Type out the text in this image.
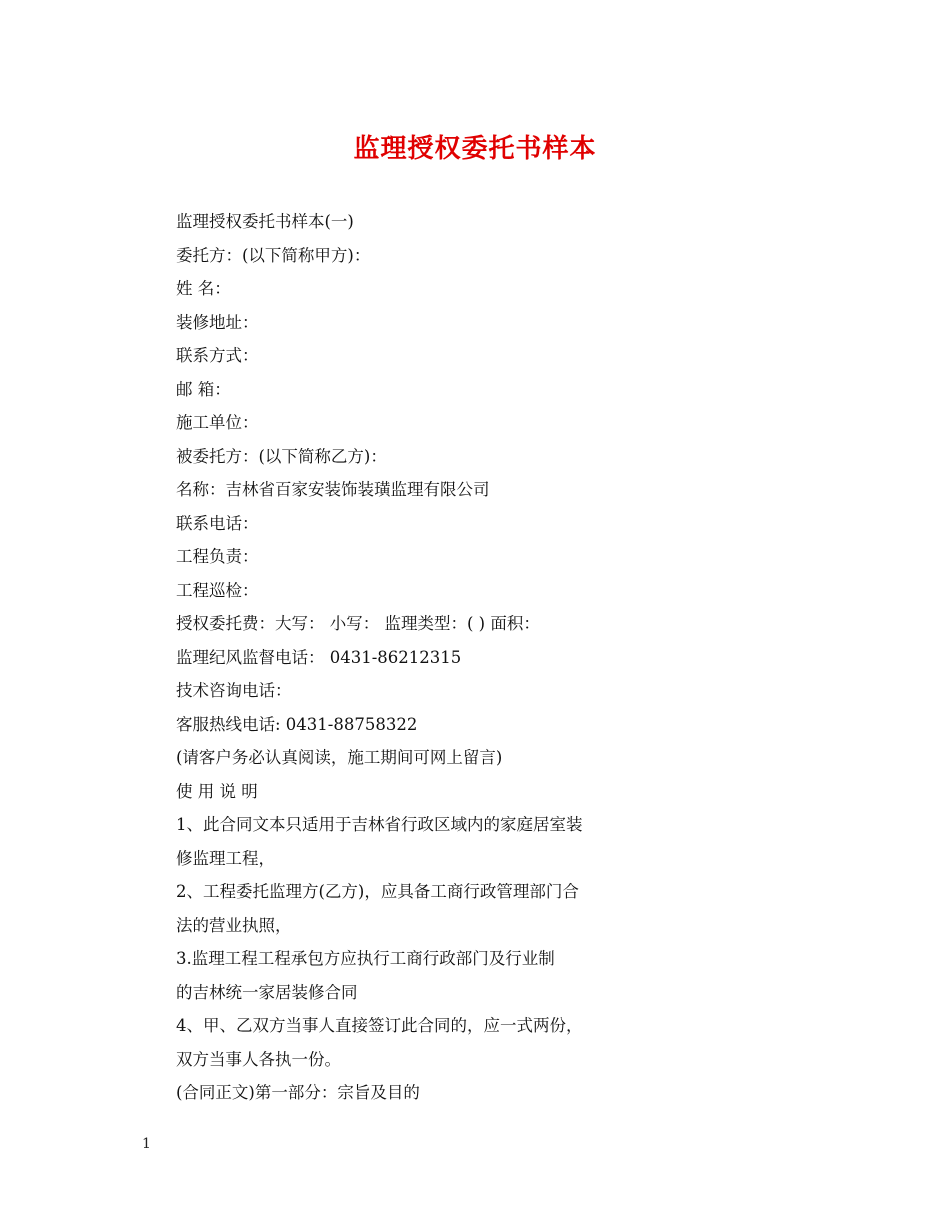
监理授权委托书样本
监理授权委托书样本(一)
委托方：(以下简称甲方)：
姓 名：
装修地址：
联系方式：
邮 箱：
施工单位：
被委托方：(以下简称乙方)：
名称：吉林省百家安装饰装璜监理有限公司
联系电话：
工程负责：
工程巡检：
授权委托费：大写： 小写： 监理类型：( ) 面积：
监理纪风监督电话： 0431-86212315
技术咨询电话：
客服热线电话: 0431-88758322
(请客户务必认真阅读，施工期间可网上留言)
使 用 说 明
1、此合同文本只适用于吉林省行政区域内的家庭居室装
修监理工程，
2、工程委托监理方(乙方)，应具备工商行政管理部门合
法的营业执照，
3.监理工程工程承包方应执行工商行政部门及行业制
的吉林统一家居装修合同
4、甲、乙双方当事人直接签订此合同的，应一式两份，
双方当事人各执一份。
(合同正文)第一部分：宗旨及目的
1
